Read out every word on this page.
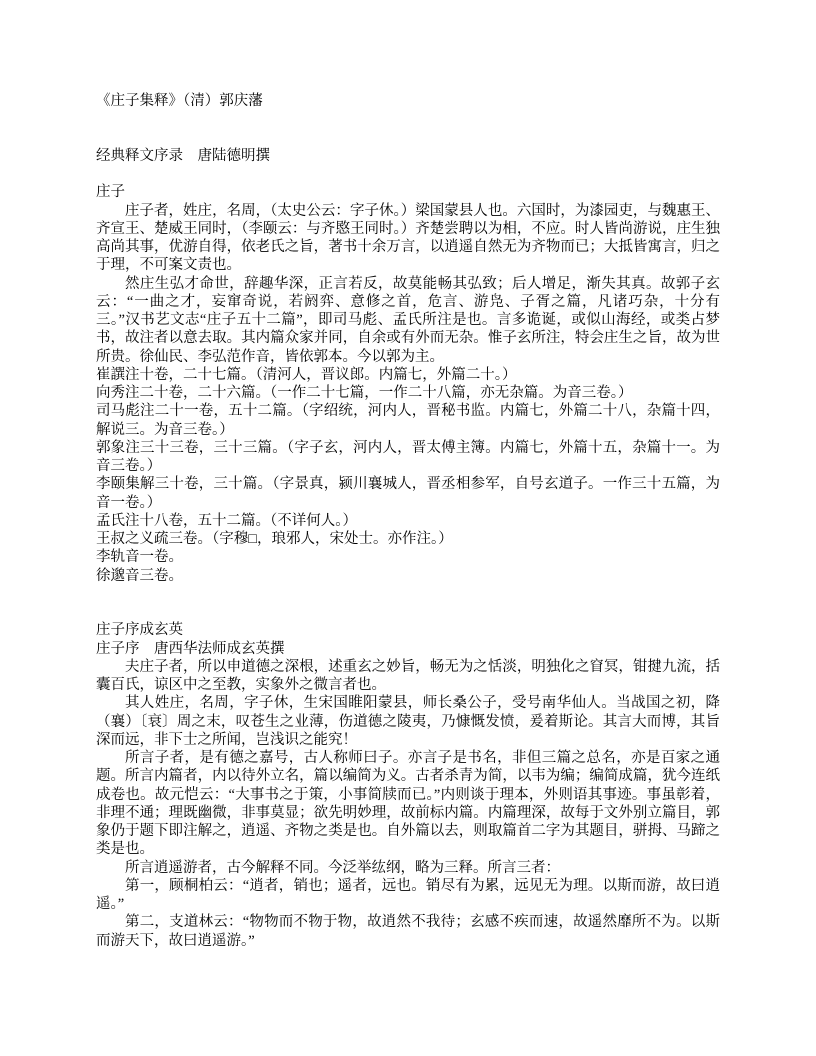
《庄子集释》（清）郭庆藩

经典释文序录　唐陆德明撰

庄子

庄子者，姓庄，名周，（太史公云：字子休。）梁国蒙县人也。六国时，为漆园吏，与魏惠王、齐宣王、楚威王同时，（李颐云：与齐愍王同时。）齐楚尝聘以为相，不应。时人皆尚游说，庄生独高尚其事，优游自得，依老氏之旨，著书十余万言，以逍遥自然无为齐物而已；大抵皆寓言，归之于理，不可案文责也。

然庄生弘才命世，辞趣华深，正言若反，故莫能畅其弘致；后人增足，渐失其真。故郭子玄云：“一曲之才，妄窜奇说，若阏弈、意修之首，危言、游凫、子胥之篇，凡诸巧杂，十分有三。”汉书艺文志“庄子五十二篇”，即司马彪、孟氏所注是也。言多诡诞，或似山海经，或类占梦书，故注者以意去取。其内篇众家并同，自余或有外而无杂。惟子玄所注，特会庄生之旨，故为世所贵。徐仙民、李弘范作音，皆依郭本。今以郭为主。

崔譔注十卷，二十七篇。（清河人，晋议郎。内篇七，外篇二十。）

向秀注二十卷，二十六篇。（一作二十七篇，一作二十八篇，亦无杂篇。为音三卷。）

司马彪注二十一卷，五十二篇。（字绍统，河内人，晋秘书监。内篇七，外篇二十八，杂篇十四，解说三。为音三卷。）

郭象注三十三卷，三十三篇。（字子玄，河内人，晋太傅主簿。内篇七，外篇十五，杂篇十一。为音三卷。）

李颐集解三十卷，三十篇。（字景真，颍川襄城人，晋丞相参军，自号玄道子。一作三十五篇，为音一卷。）

孟氏注十八卷，五十二篇。（不详何人。）

王叔之义疏三卷。（字穆□，琅邪人，宋处士。亦作注。）

李轨音一卷。

徐邈音三卷。

庄子序成玄英

庄子序　唐西华法师成玄英撰

夫庄子者，所以申道德之深根，述重玄之妙旨，畅无为之恬淡，明独化之窅冥，钳揵九流，括囊百氏，谅区中之至教，实象外之微言者也。

其人姓庄，名周，字子休，生宋国睢阳蒙县，师长桑公子，受号南华仙人。当战国之初，降（襄）〔衰〕周之末，叹苍生之业薄，伤道德之陵夷，乃慷慨发愤，爰着斯论。其言大而博，其旨深而远，非下士之所闻，岂浅识之能究！

所言子者，是有德之嘉号，古人称师曰子。亦言子是书名，非但三篇之总名，亦是百家之通题。所言内篇者，内以待外立名，篇以编简为义。古者杀青为简，以韦为编；编简成篇，犹今连纸成卷也。故元恺云：“大事书之于策，小事简牍而已。”内则谈于理本，外则语其事迹。事虽彰着，非理不通；理既幽微，非事莫显；欲先明妙理，故前标内篇。内篇理深，故每于文外别立篇目，郭象仍于题下即注解之，逍遥、齐物之类是也。自外篇以去，则取篇首二字为其题目，骈拇、马蹄之类是也。

所言逍遥游者，古今解释不同。今泛举纮纲，略为三释。所言三者：

第一，顾桐柏云：“逍者，销也；遥者，远也。销尽有为累，远见无为理。以斯而游，故曰逍遥。”

第二，支道林云：“物物而不物于物，故逍然不我待；玄感不疾而速，故遥然靡所不为。以斯而游天下，故曰逍遥游。”
